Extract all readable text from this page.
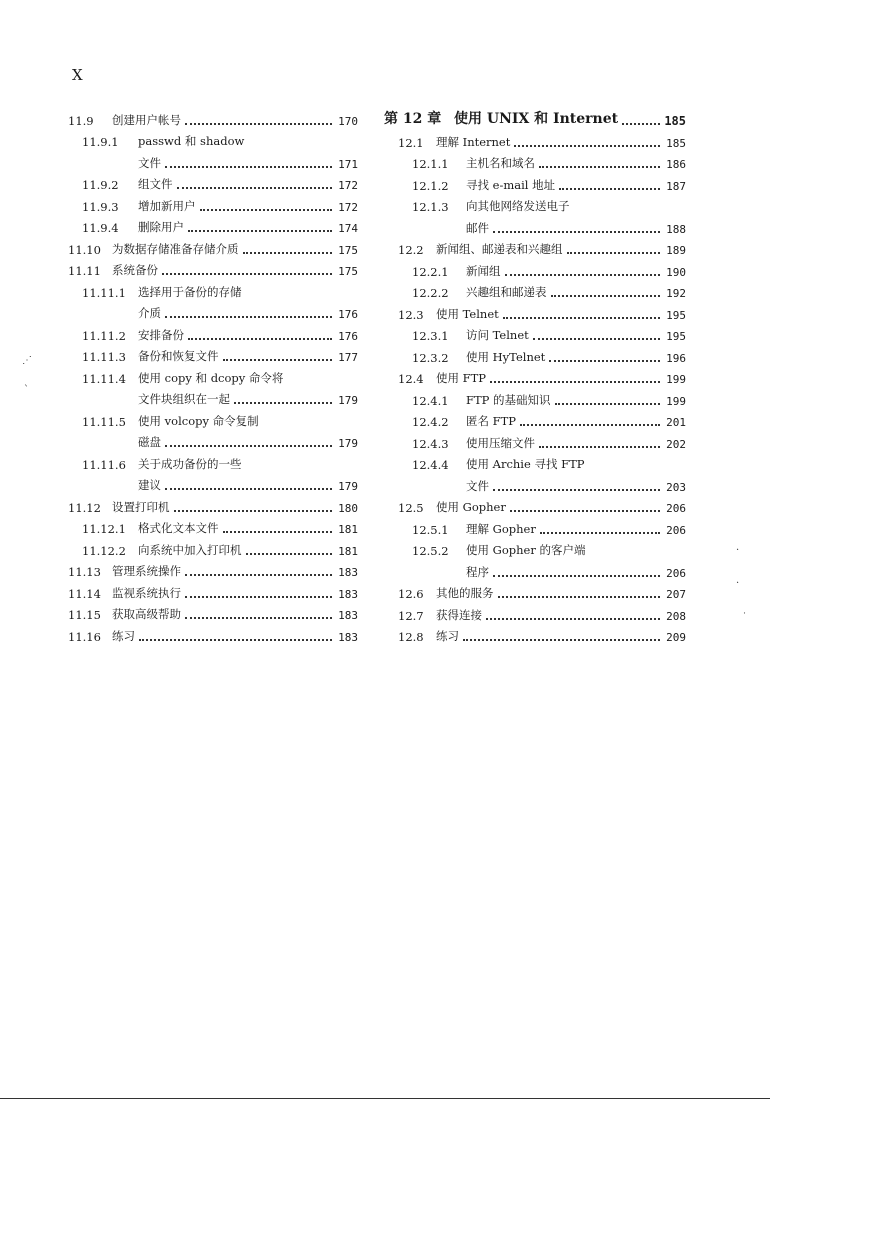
X
11.9	创建用户帐号	170
11.9.1	passwd 和 shadow
文件	171
11.9.2	组文件	172
11.9.3	增加新用户	172
11.9.4	删除用户	174
11.10 为数据存储准备存储介质	175
11.11 系统备份	175
11.11.1	选择用于备份的存储
介质	176
11.11.2	安排备份	176
11.11.3	备份和恢复文件	177
11.11.4	使用 copy 和 dcopy 命令将
文件块组织在一起	179
11.11.5	使用 volcopy 命令复制
磁盘	179
11.11.6	关于成功备份的一些
建议	179
11.12 设置打印机	180
11.12.1	格式化文本文件	181
11.12.2	向系统中加入打印机	181
11.13 管理系统操作	183
11.14 监视系统执行	183
11.15 获取高级帮助	183
11.16 练习	183
第 12 章 使用 UNIX 和 Internet	185
12.1	理解 Internet	185
12.1.1	主机名和域名	186
12.1.2	寻找 e-mail 地址	187
12.1.3	向其他网络发送电子
邮件	188
12.2	新闻组、邮递表和兴趣组	189
12.2.1	新闻组	190
12.2.2	兴趣组和邮递表	192
12.3	使用 Telnet	195
12.3.1	访问 Telnet	195
12.3.2	使用 HyTelnet	196
12.4	使用 FTP	199
12.4.1	FTP 的基础知识	199
12.4.2	匿名 FTP	201
12.4.3	使用压缩文件	202
12.4.4	使用 Archie 寻找 FTP
文件	203
12.5	使用 Gopher	206
12.5.1	理解 Gopher	206
12.5.2	使用 Gopher 的客户端
程序	206
12.6	其他的服务	207
12.7	获得连接	208
12.8	练习	209
⋰
`
·
·
˙
